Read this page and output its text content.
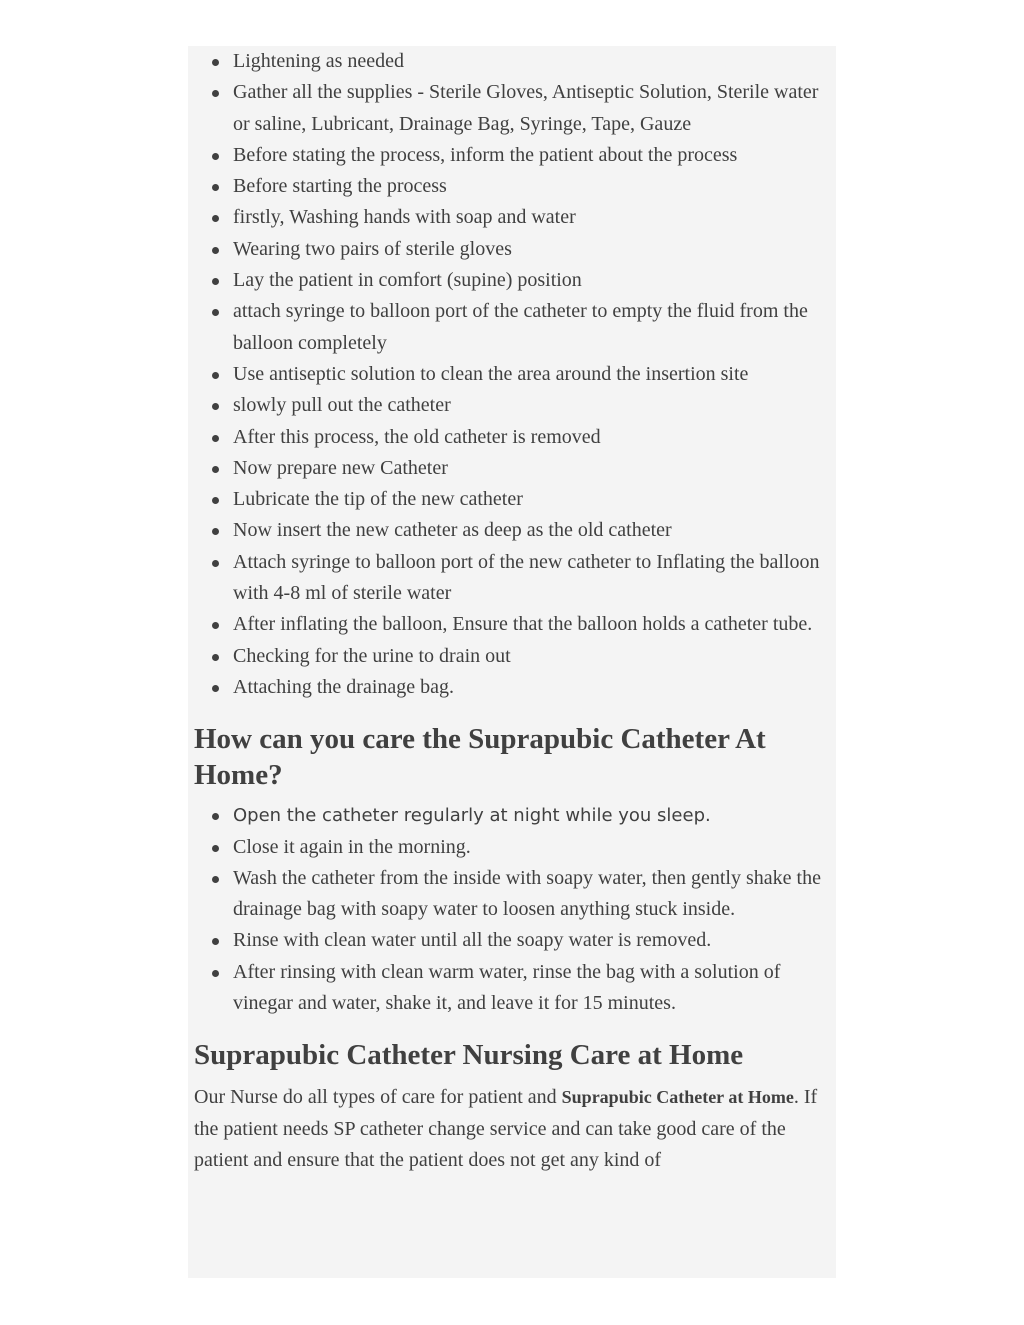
Lightening as needed
Gather all the supplies - Sterile Gloves, Antiseptic Solution, Sterile water or saline, Lubricant, Drainage Bag, Syringe, Tape, Gauze
Before stating the process, inform the patient about the process
Before starting the process
firstly, Washing hands with soap and water
Wearing two pairs of sterile gloves
Lay the patient in comfort (supine) position
attach syringe to balloon port of the catheter to empty the fluid from the balloon completely
Use antiseptic solution to clean the area around the insertion site
slowly pull out the catheter
After this process, the old catheter is removed
Now prepare new Catheter
Lubricate the tip of the new catheter
Now insert the new catheter as deep as the old catheter
Attach syringe to balloon port of the new catheter to Inflating the balloon with 4-8 ml of sterile water
After inflating the balloon, Ensure that the balloon holds a catheter tube.
Checking for the urine to drain out
Attaching the drainage bag.
How can you care the Suprapubic Catheter At Home?
Open the catheter regularly at night while you sleep.
Close it again in the morning.
Wash the catheter from the inside with soapy water, then gently shake the drainage bag with soapy water to loosen anything stuck inside.
Rinse with clean water until all the soapy water is removed.
After rinsing with clean warm water, rinse the bag with a solution of vinegar and water, shake it, and leave it for 15 minutes.
Suprapubic Catheter Nursing Care at Home

Our Nurse do all types of care for patient and Suprapubic Catheter at Home. If the patient needs SP catheter change service and can take good care of the patient and ensure that the patient does not get any kind of
